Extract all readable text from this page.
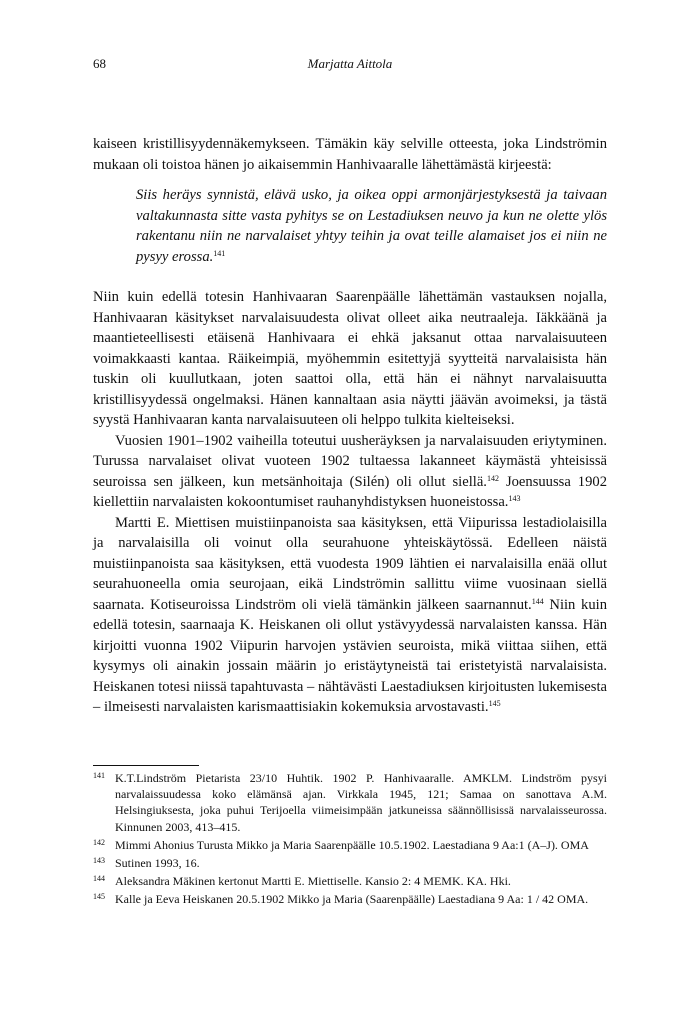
68	Marjatta Aittola

kaiseen kristillisyydennäkemykseen. Tämäkin käy selville otteesta, joka Lindströmin mukaan oli toistoa hänen jo aikaisemmin Hanhivaaralle lähettämästä kirjeestä:

Siis heräys synnistä, elävä usko, ja oikea oppi armonjärjestyksestä ja taivaan valtakunnasta sitte vasta pyhitys se on Lestadiuksen neuvo ja kun ne olette ylös rakentanu niin ne narvalaiset yhtyy teihin ja ovat teille alamaiset jos ei niin ne pysyy erossa.$^{141}$

Niin kuin edellä totesin Hanhivaaran Saarenpäälle lähettämän vastauksen nojalla, Hanhivaaran käsitykset narvalaisuudesta olivat olleet aika neutraaleja. Iäkkäänä ja maantieteellisesti etäisenä Hanhivaara ei ehkä jaksanut ottaa narvalaisuuteen voimakkaasti kantaa. Räikeimpiä, myöhemmin esitettyjä syytteitä narvalaisista hän tuskin oli kuullutkaan, joten saattoi olla, että hän ei nähnyt narvalaisuutta kristillisyydessä ongelmaksi. Hänen kannaltaan asia näytti jäävän avoimeksi, ja tästä syystä Hanhivaaran kanta narvalaisuuteen oli helppo tulkita kielteiseksi.

Vuosien 1901–1902 vaiheilla toteutui uusheräyksen ja narvalaisuuden eriytyminen. Turussa narvalaiset olivat vuoteen 1902 tultaessa lakanneet käymästä yhteisissä seuroissa sen jälkeen, kun metsänhoitaja (Silén) oli ollut siellä.$^{142}$ Joensuussa 1902 kiellettiin narvalaisten kokoontumiset rauhanyhdistyksen huoneistossa.$^{143}$

Martti E. Miettisen muistiinpanoista saa käsityksen, että Viipurissa lestadiolaisilla ja narvalaisilla oli voinut olla seurahuone yhteiskäytössä. Edelleen näistä muistiinpanoista saa käsityksen, että vuodesta 1909 lähtien ei narvalaisilla enää ollut seurahuoneella omia seurojaan, eikä Lindströmin sallittu viime vuosinaan siellä saarnata. Kotiseuroissa Lindström oli vielä tämänkin jälkeen saarnannut.$^{144}$ Niin kuin edellä totesin, saarnaaja K. Heiskanen oli ollut ystävyydessä narvalaisten kanssa. Hän kirjoitti vuonna 1902 Viipurin harvojen ystävien seuroista, mikä viittaa siihen, että kysymys oli ainakin jossain määrin jo eristäytyneistä tai eristetyistä narvalaisista. Heiskanen totesi niissä tapahtuvasta – nähtävästi Laestadiuksen kirjoitusten lukemisesta – ilmeisesti narvalaisten karismaattisiakin kokemuksia arvostavasti.$^{145}$

141 K.T.Lindström Pietarista 23/10 Huhtik. 1902 P. Hanhivaaralle. AMKLM. Lindström pysyi narvalaissuudessa koko elämänsä ajan. Virkkala 1945, 121; Samaa on sanottava A.M. Helsingiuksesta, joka puhui Terijoella viimeisimpään jatkuneissa säännöllisissä narvalaisseurossa. Kinnunen 2003, 413–415.
142 Mimmi Ahonius Turusta Mikko ja Maria Saarenpäälle 10.5.1902. Laestadiana 9 Aa:1 (A–J). OMA
143 Sutinen 1993, 16.
144 Aleksandra Mäkinen kertonut Martti E. Miettiselle. Kansio 2: 4 MEMK. KA. Hki.
145 Kalle ja Eeva Heiskanen 20.5.1902 Mikko ja Maria (Saarenpäälle) Laestadiana 9 Aa: 1 / 42 OMA.
